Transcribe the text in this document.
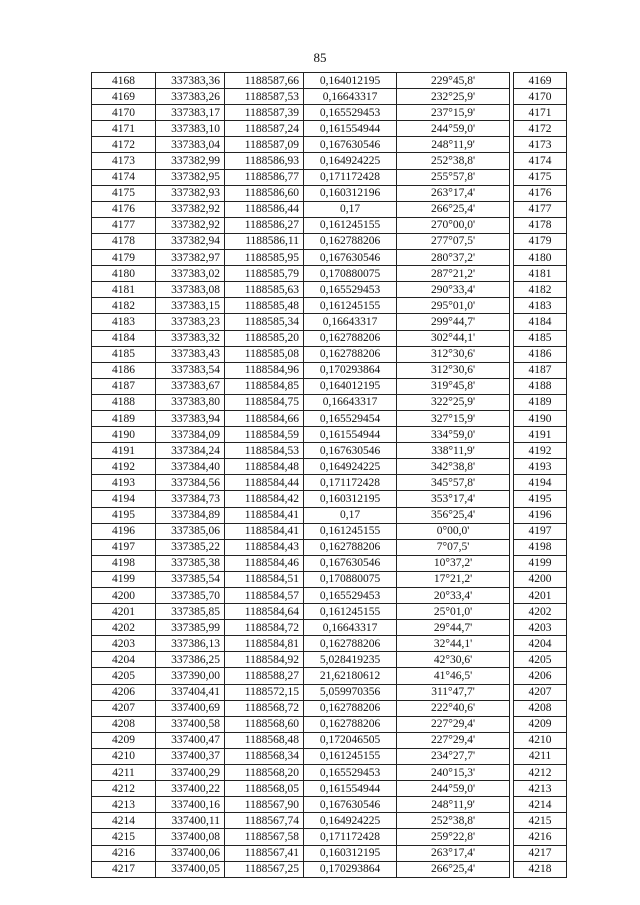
85
4168	337383,36	1188587,66	0,164012195	229°45,8'		4169
4169	337383,26	1188587,53	0,16643317	232°25,9'		4170
4170	337383,17	1188587,39	0,165529453	237°15,9'		4171
4171	337383,10	1188587,24	0,161554944	244°59,0'		4172
4172	337383,04	1188587,09	0,167630546	248°11,9'		4173
4173	337382,99	1188586,93	0,164924225	252°38,8'		4174
4174	337382,95	1188586,77	0,171172428	255°57,8'		4175
4175	337382,93	1188586,60	0,160312196	263°17,4'		4176
4176	337382,92	1188586,44	0,17	266°25,4'		4177
4177	337382,92	1188586,27	0,161245155	270°00,0'		4178
4178	337382,94	1188586,11	0,162788206	277°07,5'		4179
4179	337382,97	1188585,95	0,167630546	280°37,2'		4180
4180	337383,02	1188585,79	0,170880075	287°21,2'		4181
4181	337383,08	1188585,63	0,165529453	290°33,4'		4182
4182	337383,15	1188585,48	0,161245155	295°01,0'		4183
4183	337383,23	1188585,34	0,16643317	299°44,7'		4184
4184	337383,32	1188585,20	0,162788206	302°44,1'		4185
4185	337383,43	1188585,08	0,162788206	312°30,6'		4186
4186	337383,54	1188584,96	0,170293864	312°30,6'		4187
4187	337383,67	1188584,85	0,164012195	319°45,8'		4188
4188	337383,80	1188584,75	0,16643317	322°25,9'		4189
4189	337383,94	1188584,66	0,165529454	327°15,9'		4190
4190	337384,09	1188584,59	0,161554944	334°59,0'		4191
4191	337384,24	1188584,53	0,167630546	338°11,9'		4192
4192	337384,40	1188584,48	0,164924225	342°38,8'		4193
4193	337384,56	1188584,44	0,171172428	345°57,8'		4194
4194	337384,73	1188584,42	0,160312195	353°17,4'		4195
4195	337384,89	1188584,41	0,17	356°25,4'		4196
4196	337385,06	1188584,41	0,161245155	0°00,0'		4197
4197	337385,22	1188584,43	0,162788206	7°07,5'		4198
4198	337385,38	1188584,46	0,167630546	10°37,2'		4199
4199	337385,54	1188584,51	0,170880075	17°21,2'		4200
4200	337385,70	1188584,57	0,165529453	20°33,4'		4201
4201	337385,85	1188584,64	0,161245155	25°01,0'		4202
4202	337385,99	1188584,72	0,16643317	29°44,7'		4203
4203	337386,13	1188584,81	0,162788206	32°44,1'		4204
4204	337386,25	1188584,92	5,028419235	42°30,6'		4205
4205	337390,00	1188588,27	21,62180612	41°46,5'		4206
4206	337404,41	1188572,15	5,059970356	311°47,7'		4207
4207	337400,69	1188568,72	0,162788206	222°40,6'		4208
4208	337400,58	1188568,60	0,162788206	227°29,4'		4209
4209	337400,47	1188568,48	0,172046505	227°29,4'		4210
4210	337400,37	1188568,34	0,161245155	234°27,7'		4211
4211	337400,29	1188568,20	0,165529453	240°15,3'		4212
4212	337400,22	1188568,05	0,161554944	244°59,0'		4213
4213	337400,16	1188567,90	0,167630546	248°11,9'		4214
4214	337400,11	1188567,74	0,164924225	252°38,8'		4215
4215	337400,08	1188567,58	0,171172428	259°22,8'		4216
4216	337400,06	1188567,41	0,160312195	263°17,4'		4217
4217	337400,05	1188567,25	0,170293864	266°25,4'		4218
